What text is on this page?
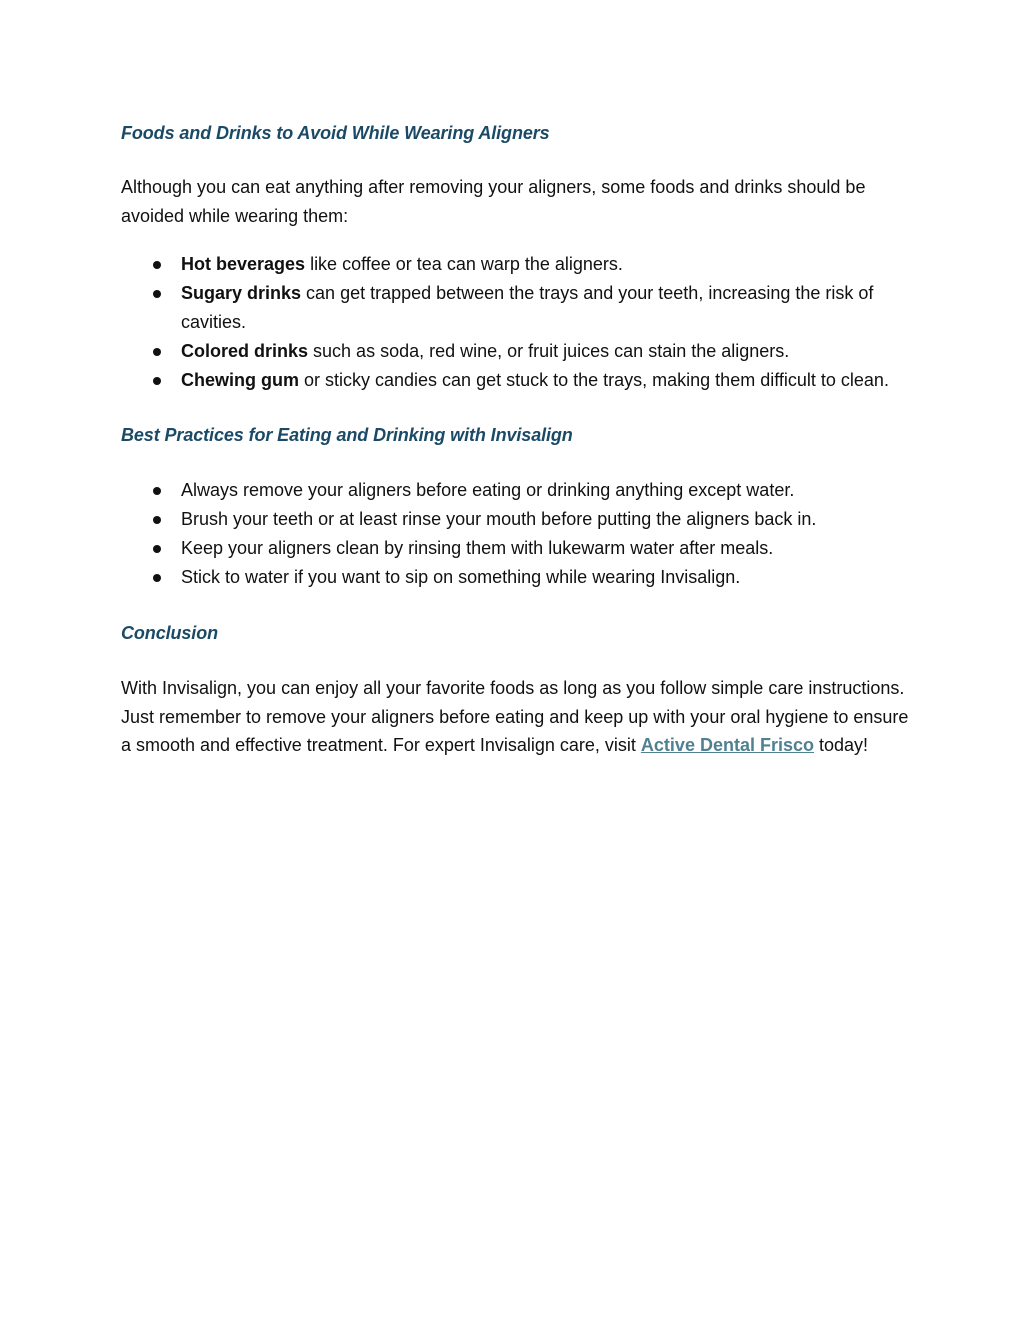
Foods and Drinks to Avoid While Wearing Aligners

Although you can eat anything after removing your aligners, some foods and drinks should be avoided while wearing them:

Hot beverages like coffee or tea can warp the aligners.
Sugary drinks can get trapped between the trays and your teeth, increasing the risk of cavities.
Colored drinks such as soda, red wine, or fruit juices can stain the aligners.
Chewing gum or sticky candies can get stuck to the trays, making them difficult to clean.
Best Practices for Eating and Drinking with Invisalign
Always remove your aligners before eating or drinking anything except water.
Brush your teeth or at least rinse your mouth before putting the aligners back in.
Keep your aligners clean by rinsing them with lukewarm water after meals.
Stick to water if you want to sip on something while wearing Invisalign.
Conclusion

With Invisalign, you can enjoy all your favorite foods as long as you follow simple care instructions. Just remember to remove your aligners before eating and keep up with your oral hygiene to ensure a smooth and effective treatment. For expert Invisalign care, visit Active Dental Frisco today!
